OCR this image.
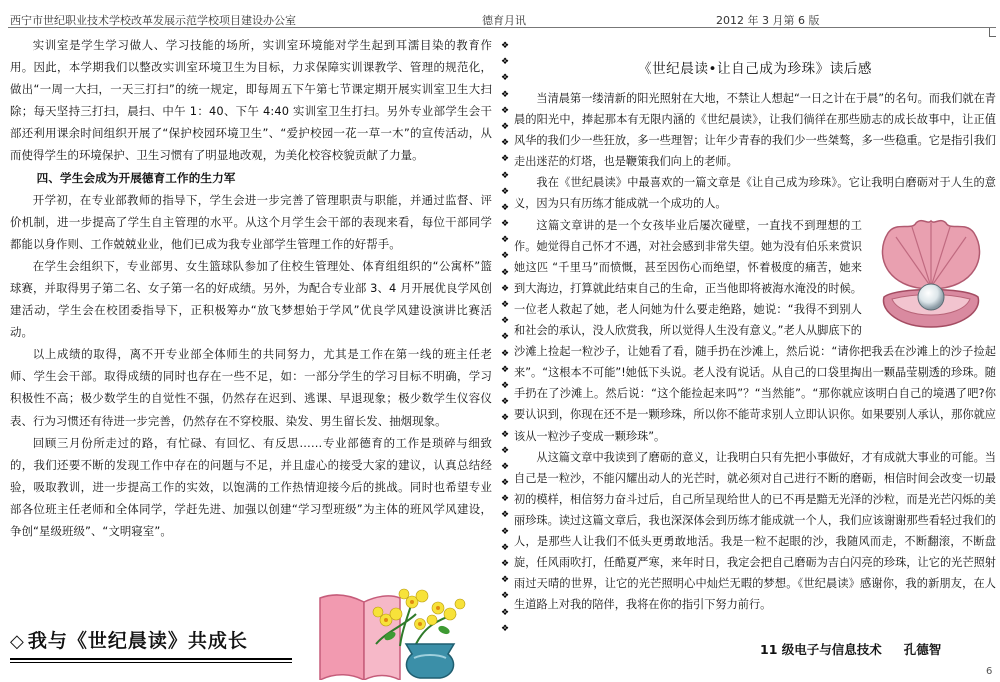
西宁市世纪职业技术学校改革发展示范学校项目建设办公室	德育月讯	2012 年 3 月第 6 版

实训室是学生学习做人、学习技能的场所，实训室环境能对学生起到耳濡目染的教育作用。因此，本学期我们以整改实训室环境卫生为目标，力求保障实训课教学、管理的规范化，做出“一周一大扫，一天三打扫”的统一规定，即每周五下午第七节课定期开展实训室卫生大扫除；每天坚持三打扫，晨扫、中午 1：40、下午 4:40 实训室卫生打扫。另外专业部学生会干部还利用课余时间组织开展了“保护校园环境卫生”、“爱护校园一花一草一木”的宣传活动，从而使得学生的环境保护、卫生习惯有了明显地改观，为美化校容校貌贡献了力量。

四、学生会成为开展德育工作的生力军

开学初，在专业部教师的指导下，学生会进一步完善了管理职责与职能，并通过监督、评价机制，进一步提高了学生自主管理的水平。从这个月学生会干部的表现来看，每位干部同学都能以身作则、工作兢兢业业，他们已成为我专业部学生管理工作的好帮手。

在学生会组织下，专业部男、女生篮球队参加了住校生管理处、体育组组织的“公寓杯”篮球赛，并取得男子第二名、女子第一名的好成绩。另外，为配合专业部 3、4 月开展优良学风创建活动，学生会在校团委指导下，正积极筹办“放飞梦想始于学风”优良学风建设演讲比赛活动。

以上成绩的取得，离不开专业部全体师生的共同努力，尤其是工作在第一线的班主任老师、学生会干部。取得成绩的同时也存在一些不足，如：一部分学生的学习目标不明确，学习积极性不高；极少数学生的自觉性不强，仍然存在迟到、逃课、早退现象；极少数学生仪容仪表、行为习惯还有待进一步完善，仍然存在不穿校服、染发、男生留长发、抽烟现象。

回顾三月份所走过的路，有忙碌、有回忆、有反思……专业部德育的工作是琐碎与细致的，我们还要不断的发现工作中存在的问题与不足，并且虚心的接受大家的建议，认真总结经验，吸取教训，进一步提高工作的实效，以饱满的工作热情迎接今后的挑战。同时也希望专业部各位班主任老师和全体同学，学赶先进、加强以创建“学习型班级”为主体的班风学风建设，争创“星级班级”、“文明寝室”。

❖
❖
❖
❖
❖
❖
❖
❖
❖
❖
❖
❖
❖
❖
❖
❖
❖
❖
❖
❖
❖
❖
❖
❖
❖
❖
❖
❖
❖
❖
❖
❖
❖
❖
❖
❖
❖
《世纪晨读•让自己成为珍珠》读后感

当清晨第一缕清新的阳光照射在大地，不禁让人想起“一日之计在于晨”的名句。而我们就在青晨的阳光中，捧起那本有无限内涵的《世纪晨读》，让我们徜徉在那些励志的成长故事中，让正值风华的我们少一些狂放，多一些理智；让年少青春的我们少一些桀骜，多一些稳重。它是指引我们走出迷茫的灯塔，也是鞭策我们向上的老师。

我在《世纪晨读》中最喜欢的一篇文章是《让自己成为珍珠》。它让我明白磨砺对于人生的意义，因为只有历练才能成就一个成功的人。

这篇文章讲的是一个女孩毕业后屡次碰壁，一直找不到理想的工作。她觉得自己怀才不遇，对社会感到非常失望。她为没有伯乐来赏识她这匹 “千里马”而愤慨，甚至因伤心而绝望，怀着极度的痛苦，她来到大海边，打算就此结束自己的生命，正当他即将被海水淹没的时候。一位老人救起了她，老人问她为什么要走绝路，她说：“我得不到别人和社会的承认，没人欣赏我，所以觉得人生没有意义。”老人从脚底下的沙滩上捡起一粒沙子，让她看了看，随手扔在沙滩上，然后说：“请你把我丢在沙滩上的沙子捡起来”。“这根本不可能”!她低下头说。老人没有说话。从自己的口袋里掏出一颗晶莹剔透的珍珠。随手扔在了沙滩上。然后说：“这个能捡起来吗”？“当然能”。“那你就应该明白自己的境遇了吧?你要认识到，你现在还不是一颗珍珠，所以你不能苛求别人立即认识你。如果要别人承认，那你就应该从一粒沙子变成一颗珍珠”。

从这篇文章中我读到了磨砺的意义，让我明白只有先把小事做好，才有成就大事业的可能。当自己是一粒沙，不能闪耀出动人的光芒时，就必须对自己进行不断的磨砺，相信时间会改变一切最初的模样，相信努力奋斗过后，自己所呈现给世人的已不再是黯无光泽的沙粒，而是光芒闪烁的美丽珍珠。读过这篇文章后，我也深深体会到历练才能成就一个人，我们应该谢谢那些看轻过我们的人，是那些人让我们不低头更勇敢地活。我是一粒不起眼的沙，我随风而走，不断翻滚，不断盘旋，任风雨吹打，任酷夏严寒，来年时日，我定会把自己磨砺为吉白闪亮的珍珠，让它的光芒照射雨过天晴的世界，让它的光芒照明心中灿烂无暇的梦想。《世纪晨读》感谢你，我的新朋友，在人生道路上对我的陪伴，我将在你的指引下努力前行。

◇ 我与《世纪晨读》共成长	11 级电子与信息技术 孔德智
6
